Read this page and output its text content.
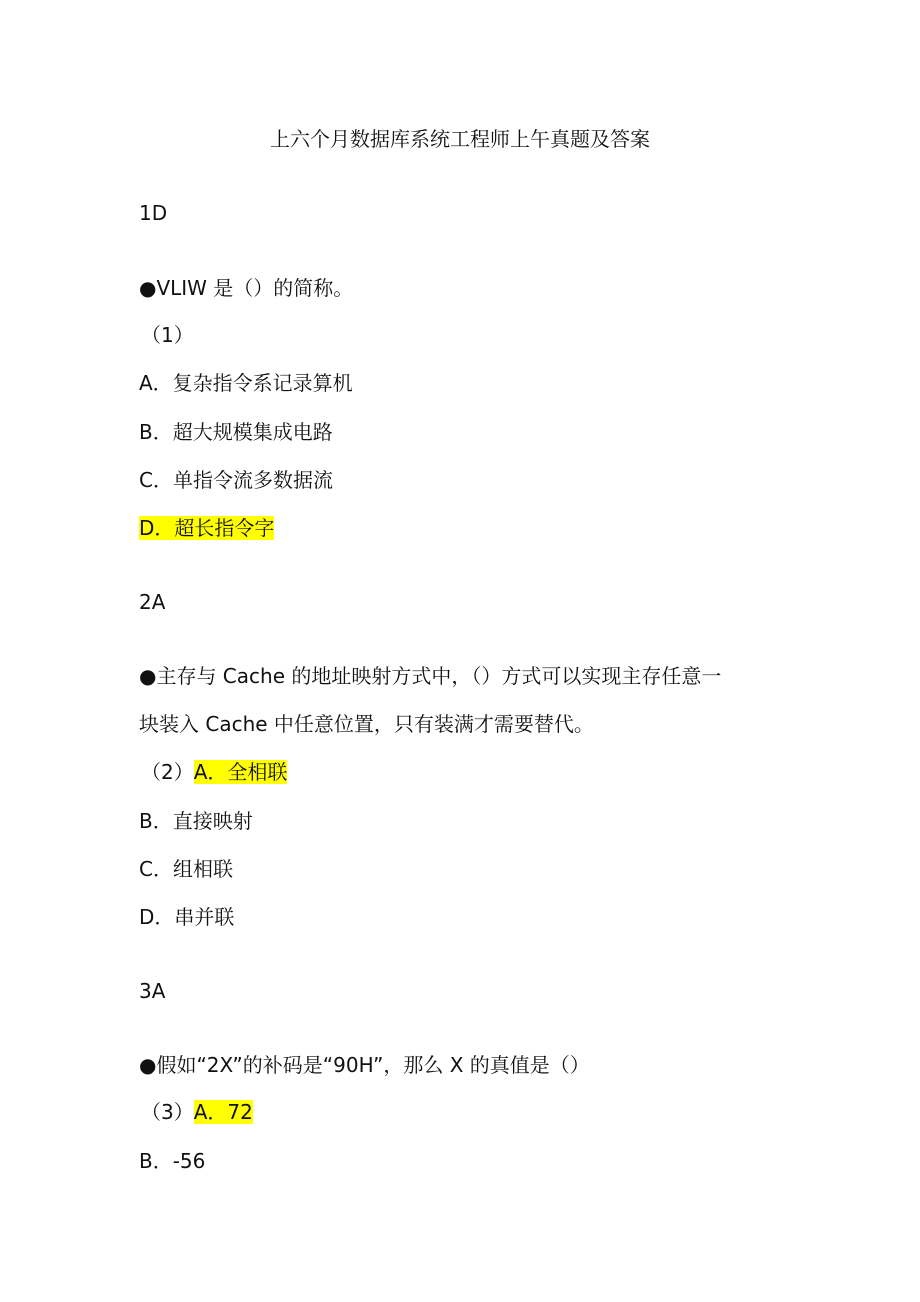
上六个月数据库系统工程师上午真题及答案
1D
●VLIW 是（）的简称。
（1）
A．复杂指令系记录算机
B．超大规模集成电路
C．单指令流多数据流
D．超长指令字
2A
●主存与 Cache 的地址映射方式中，（）方式可以实现主存任意一
块装入 Cache 中任意位置，只有装满才需要替代。
（2）A．全相联
B．直接映射
C．组相联
D．串并联
3A
●假如“2X”的补码是“90H”，那么 X 的真值是（）
（3）A．72
B．-56
